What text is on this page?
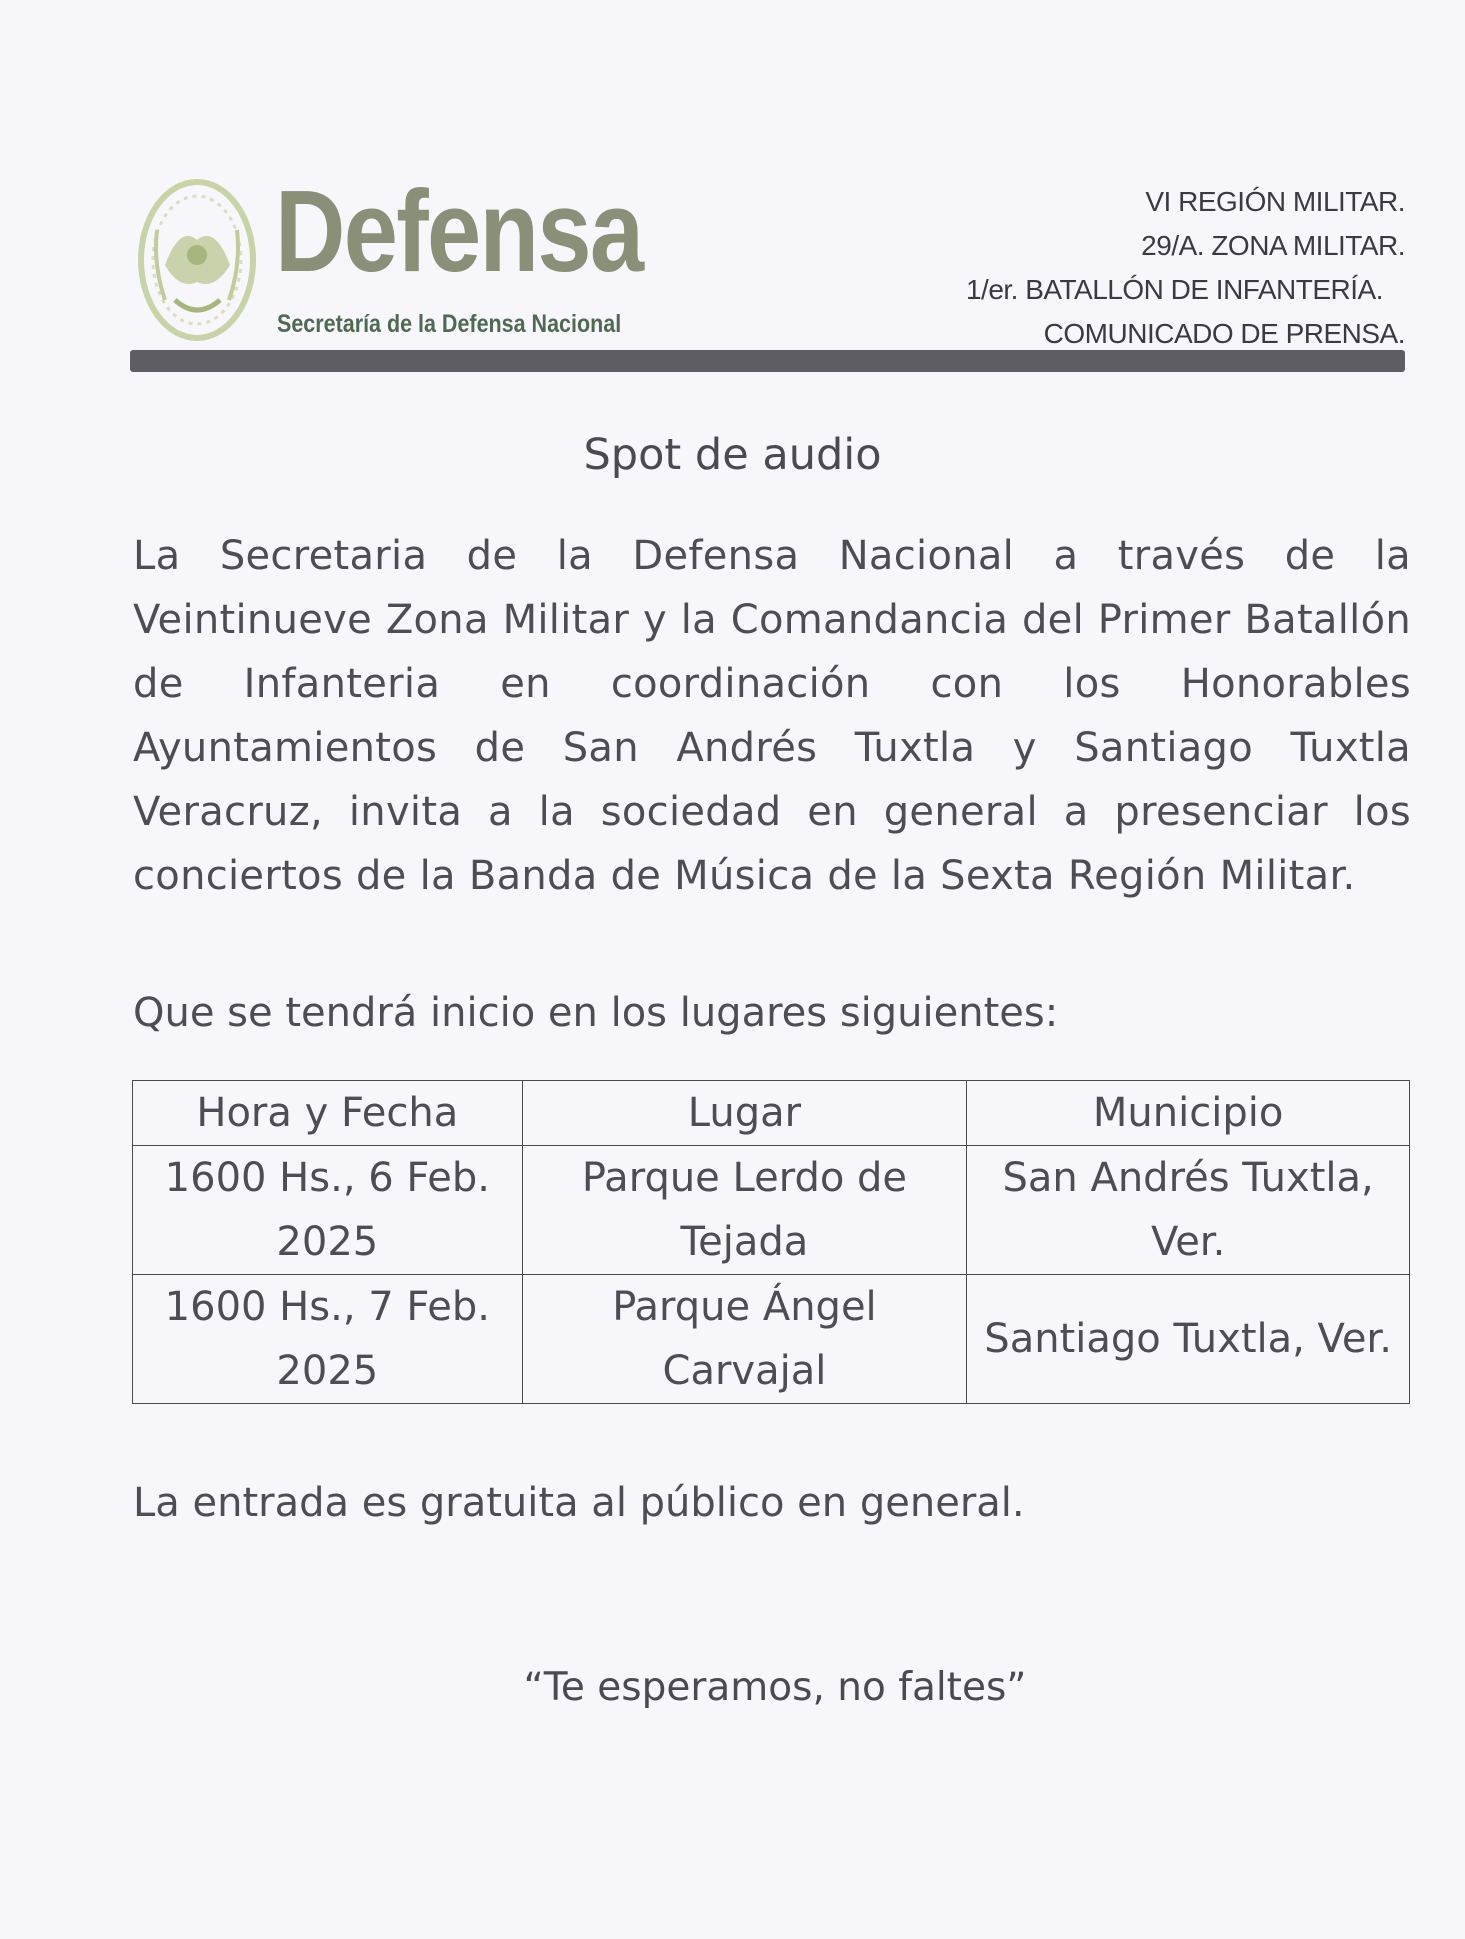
Defensa
Secretaría de la Defensa Nacional
VI REGIÓN MILITAR.
29/A. ZONA MILITAR.
1/er. BATALLÓN DE INFANTERÍA.
COMUNICADO DE PRENSA.
Spot de audio
La Secretaria de la Defensa Nacional a través de la Veintinueve Zona Militar y la Comandancia del Primer Batallón de Infanteria en coordinación con los Honorables Ayuntamientos de San Andrés Tuxtla y Santiago Tuxtla Veracruz, invita a la sociedad en general a presenciar los conciertos de la Banda de Música de la Sexta Región Militar.
Que se tendrá inicio en los lugares siguientes:
Hora y Fecha	Lugar	Municipio
1600 Hs., 6 Feb. 2025	Parque Lerdo de Tejada	San Andrés Tuxtla, Ver.
1600 Hs., 7 Feb. 2025	Parque Ángel Carvajal	Santiago Tuxtla, Ver.
La entrada es gratuita al público en general.
“Te esperamos, no faltes”
